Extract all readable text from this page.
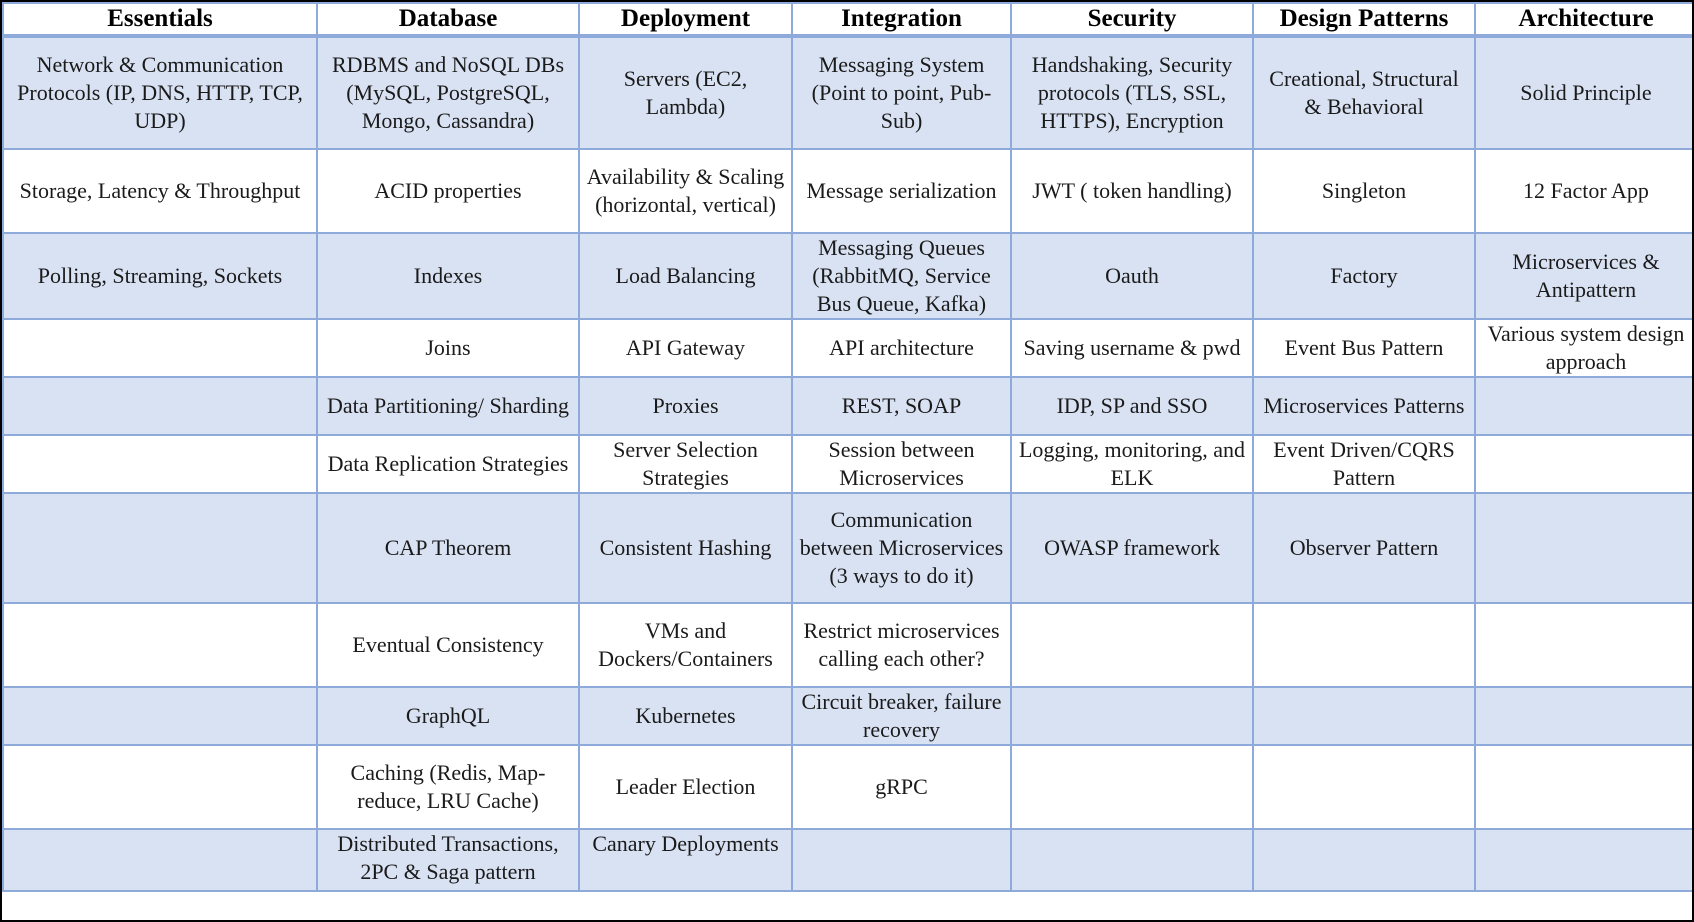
Essentials	Database	Deployment	Integration	Security	Design Patterns	Architecture
Network & Communication Protocols (IP, DNS, HTTP, TCP, UDP)	RDBMS and NoSQL DBs (MySQL, PostgreSQL, Mongo, Cassandra)	Servers (EC2, Lambda)	Messaging System (Point to point, Pub-Sub)	Handshaking, Security protocols (TLS, SSL, HTTPS), Encryption	Creational, Structural & Behavioral	Solid Principle
Storage, Latency & Throughput	ACID properties	Availability & Scaling (horizontal, vertical)	Message serialization	JWT ( token handling)	Singleton	12 Factor App
Polling, Streaming, Sockets	Indexes	Load Balancing	Messaging Queues (RabbitMQ, Service Bus Queue, Kafka)	Oauth	Factory	Microservices & Antipattern
	Joins	API Gateway	API architecture	Saving username & pwd	Event Bus Pattern	Various system design approach
	Data Partitioning/ Sharding	Proxies	REST, SOAP	IDP, SP and SSO	Microservices Patterns	
	Data Replication Strategies	Server Selection Strategies	Session between Microservices	Logging, monitoring, and ELK	Event Driven/CQRS Pattern	
	CAP Theorem	Consistent Hashing	Communication between Microservices (3 ways to do it)	OWASP framework	Observer Pattern	
	Eventual Consistency	VMs and Dockers/Containers	Restrict microservices calling each other?			
	GraphQL	Kubernetes	Circuit breaker, failure recovery			
	Caching (Redis, Map-reduce, LRU Cache)	Leader Election	gRPC			
	Distributed Transactions, 2PC & Saga pattern	Canary Deployments				
